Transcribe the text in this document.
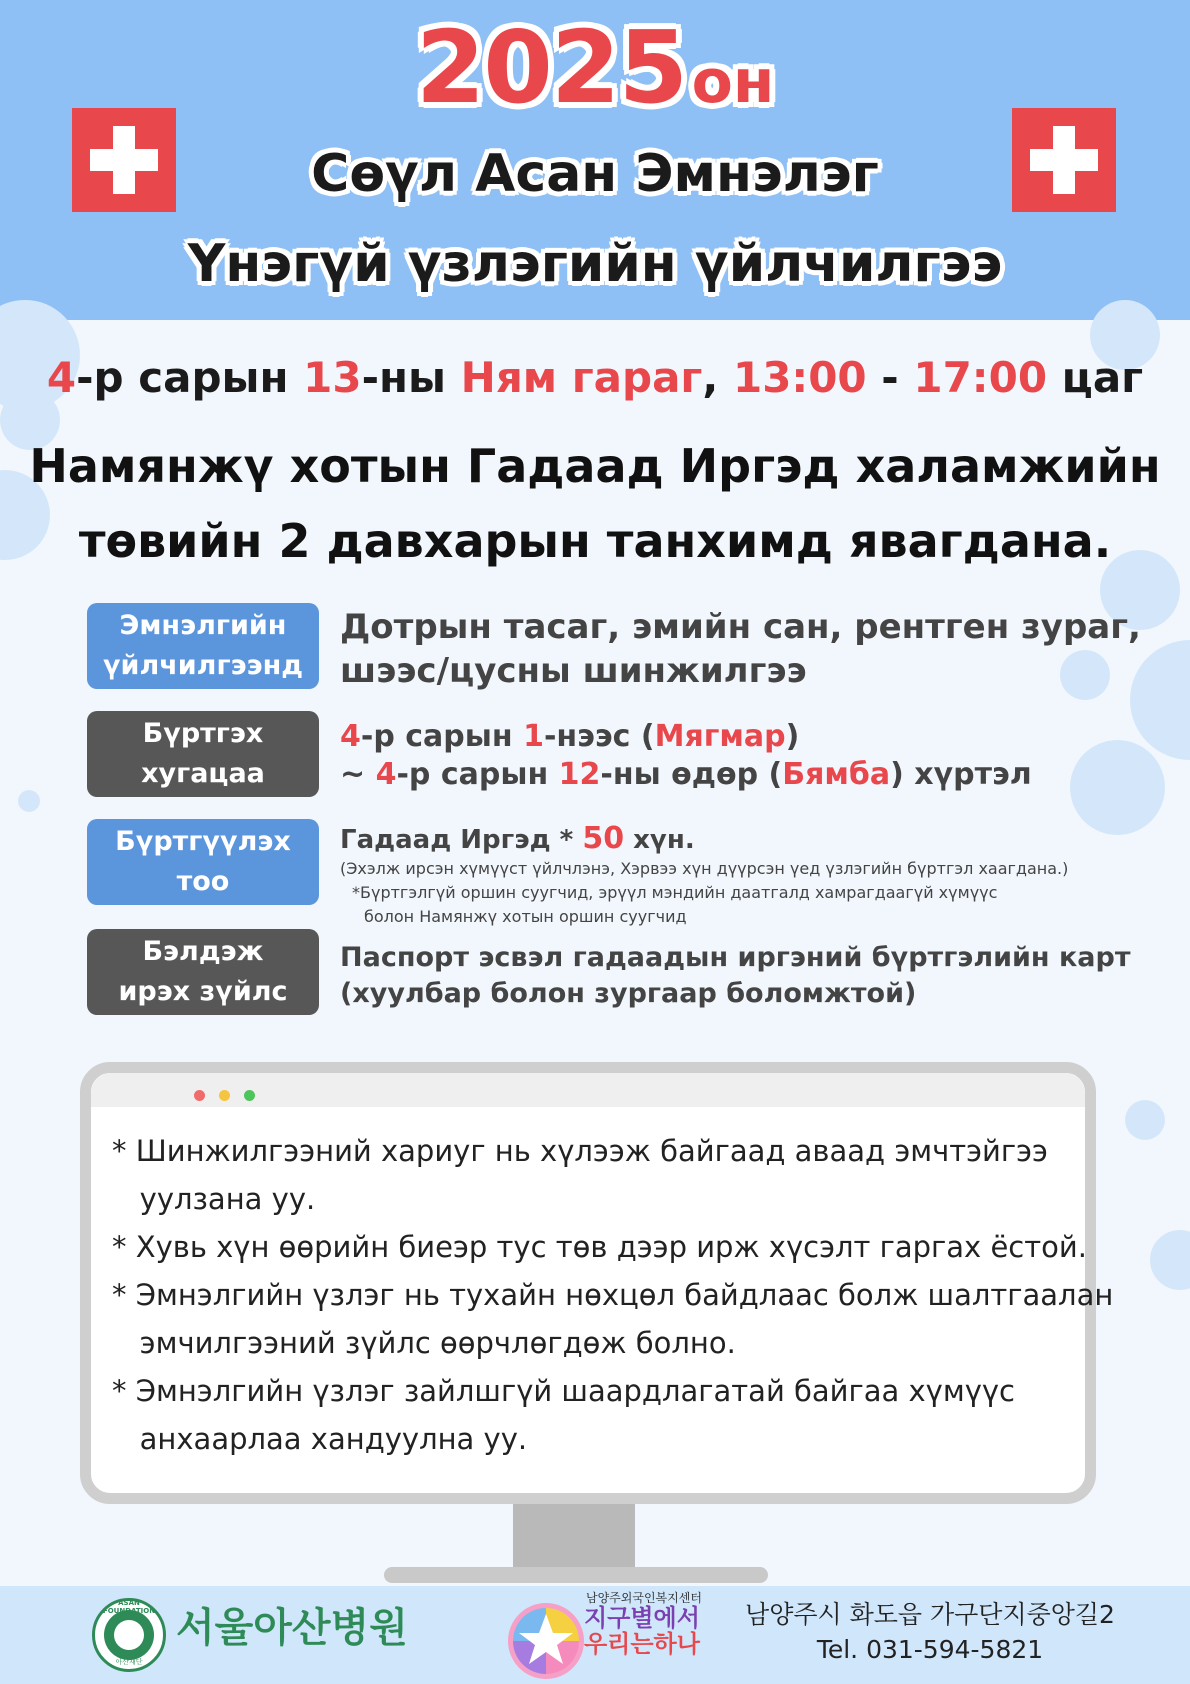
2025 он
Сөүл Асан Эмнэлэг
Үнэгүй үзлэгийн үйлчилгээ
4-р сарын 13-ны Ням гараг, 13:00 - 17:00 цаг
Намянжү хотын Гадаад Иргэд халамжийн
төвийн 2 давхарын танхимд явагдана.
Эмнэлгийн
үйлчилгээнд
Дотрын тасаг, эмийн сан, рентген зураг,
шээс/цусны шинжилгээ
Бүртгэх
хугацаа
4-р сарын 1-нээс (Мягмар)
~ 4-р сарын 12-ны өдөр (Бямба) хүртэл
Бүртгүүлэх
тоо
Гадаад Иргэд * 50 хүн.
(Эхэлж ирсэн хүмүүст үйлчлэнэ, Хэрвээ хүн дүүрсэн үед үзлэгийн бүртгэл хаагдана.)
*Бүртгэлгүй оршин суугчид, эрүүл мэндийн даатгалд хамрагдаагүй хүмүүс
болон Намянжү хотын оршин суугчид
Бэлдэж
ирэх зүйлс
Паспорт эсвэл гадаадын иргэний бүртгэлийн карт
(хуулбар болон зургаар боломжтой)
* Шинжилгээний хариуг нь хүлээж байгаад аваад эмчтэйгээ
уулзана уу.
* Хувь хүн өөрийн биеэр тус төв дээр ирж хүсэлт гаргах ёстой.
* Эмнэлгийн үзлэг нь тухайн нөхцөл байдлаас болж шалтгаалан
эмчилгээний зүйлс өөрчлөгдөж болно.
* Эмнэлгийн үзлэг зайлшгүй шаардлагатай байгаа хүмүүс
анхаарлаа хандуулна уу.
ASAN FOUNDATION
아산재단
서울아산병원
남양주외국인복지센터
지구별에서
우리는하나
남양주시 화도읍 가구단지중앙길2
Tel. 031-594-5821
